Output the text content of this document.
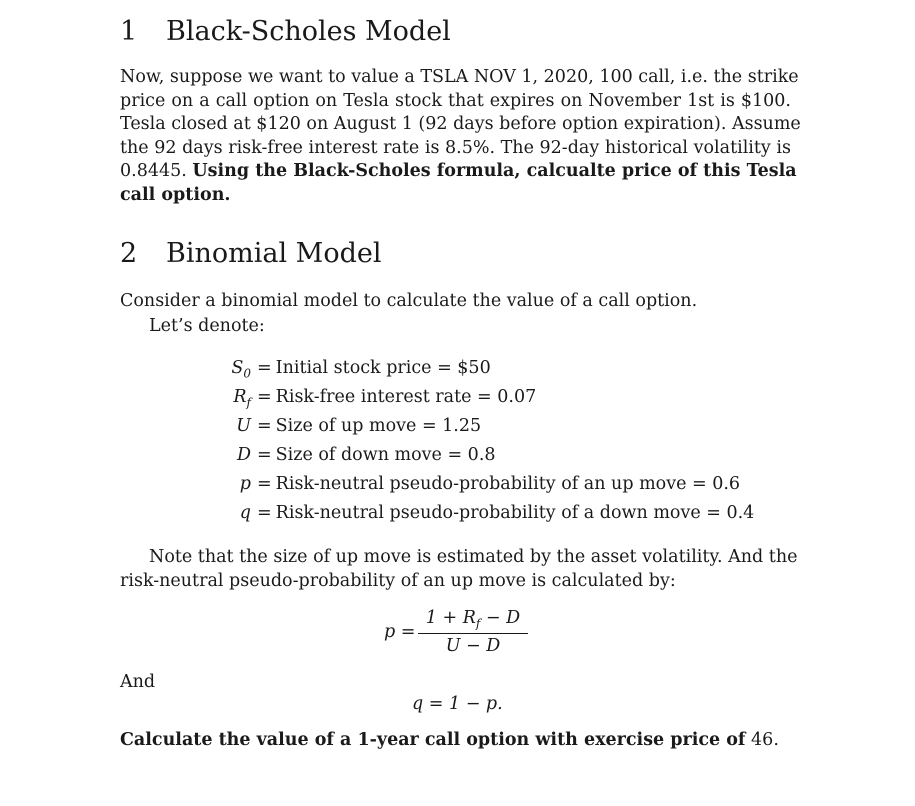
1 Black-Scholes Model
Now, suppose we want to value a TSLA NOV 1, 2020, 100 call, i.e. the strike
price on a call option on Tesla stock that expires on November 1st is $100.
Tesla closed at $120 on August 1 (92 days before option expiration). Assume
the 92 days risk-free interest rate is 8.5%. The 92-day historical volatility is
0.8445. Using the Black-Scholes formula, calcualte price of this Tesla
call option.
2 Binomial Model
Consider a binomial model to calculate the value of a call option.
Let’s denote:
$S_0$ = Initial stock price = $50
$R_f$ = Risk-free interest rate = 0.07
U = Size of up move = 1.25
D = Size of down move = 0.8
p = Risk-neutral pseudo-probability of an up move = 0.6
q = Risk-neutral pseudo-probability of a down move = 0.4
Note that the size of up move is estimated by the asset volatility. And the
risk-neutral pseudo-probability of an up move is calculated by:
$p = \frac{1 + R_f - D}{U - D}$
And
q = 1 − p.
Calculate the value of a 1-year call option with exercise price of 46.
